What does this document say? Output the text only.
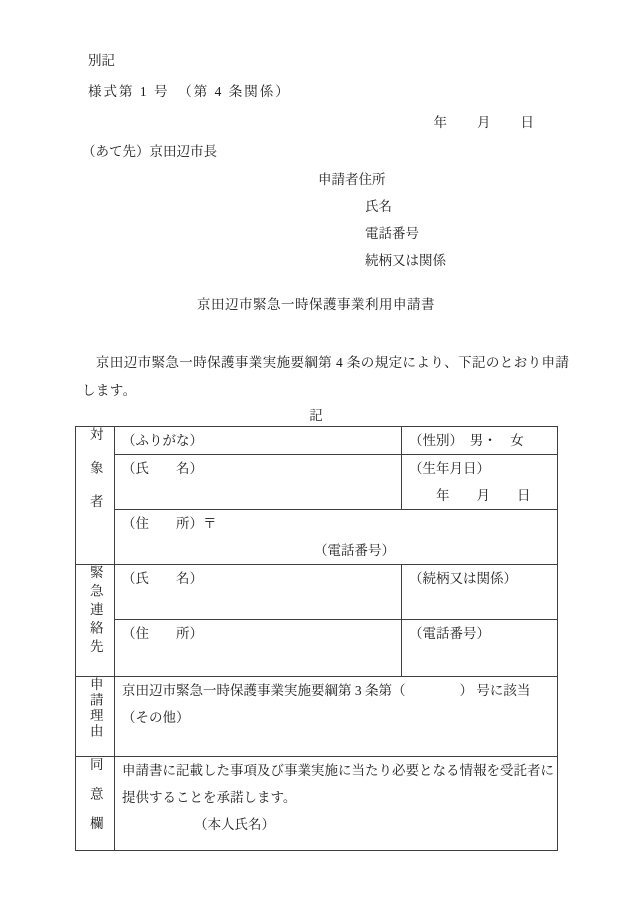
別記
様式第 1 号　（第 4 条関係）
年　　月　　日
（あて先）京田辺市長
申請者住所
氏名
電話番号
続柄又は関係
京田辺市緊急一時保護事業利用申請書
　京田辺市緊急一時保護事業実施要綱第 4 条の規定により、下記のとおり申請
します。
記
対象者	（ふりがな）	（性別）　男・　女

	（氏　　名）	（生年月日）
　　年　　月　　日

	（住　　所）〒
（電話番号）	

緊急連絡先	（氏　　名）	（続柄又は関係）

	（住　　所）	（電話番号）

申請理由	京田辺市緊急一時保護事業実施要綱第 3 条第（　　　　） 号に該当
（その他）	

同意欄	申請書に記載した事項及び事業実施に当たり必要となる情報を受託者に
提供することを承諾します。
（本人氏名）	
